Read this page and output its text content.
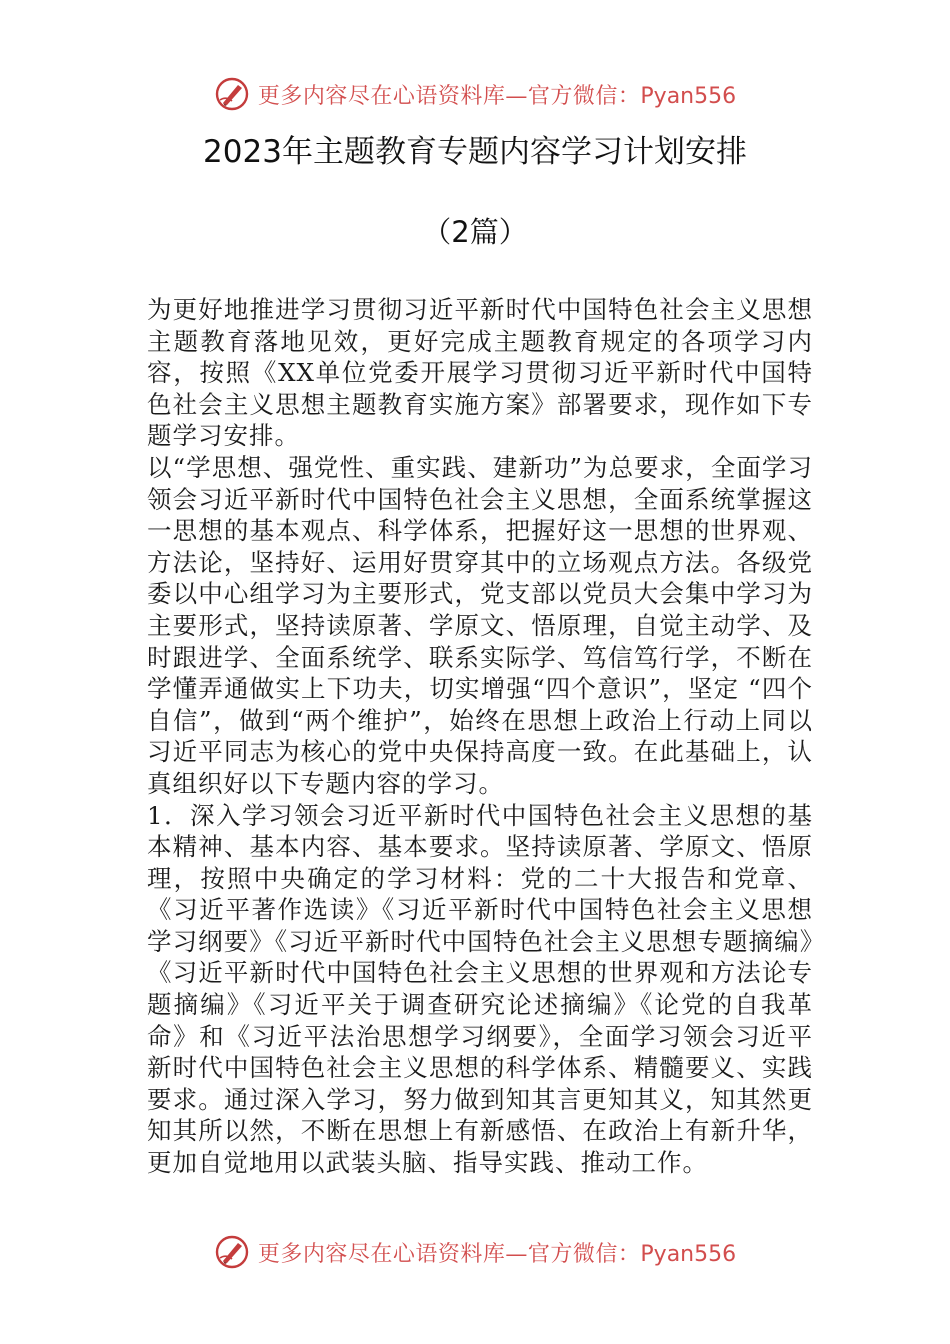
更多内容尽在心语资料库—官方微信：Pyan556
2023年主题教育专题内容学习计划安排
（2篇）

为更好地推进学习贯彻习近平新时代中国特色社会主义思想主题教育落地见效，更好完成主题教育规定的各项学习内容，按照《XX单位党委开展学习贯彻习近平新时代中国特色社会主义思想主题教育实施方案》部署要求，现作如下专题学习安排。

以“学思想、强党性、重实践、建新功”为总要求，全面学习领会习近平新时代中国特色社会主义思想，全面系统掌握这一思想的基本观点、科学体系，把握好这一思想的世界观、方法论，坚持好、运用好贯穿其中的立场观点方法。各级党委以中心组学习为主要形式，党支部以党员大会集中学习为主要形式，坚持读原著、学原文、悟原理，自觉主动学、及时跟进学、全面系统学、联系实际学、笃信笃行学，不断在学懂弄通做实上下功夫，切实增强“四个意识”，坚定 “四个自信”，做到“两个维护”，始终在思想上政治上行动上同以习近平同志为核心的党中央保持高度一致。在此基础上，认真组织好以下专题内容的学习。

1．深入学习领会习近平新时代中国特色社会主义思想的基本精神、基本内容、基本要求。坚持读原著、学原文、悟原理，按照中央确定的学习材料：党的二十大报告和党章、《习近平著作选读》《习近平新时代中国特色社会主义思想学习纲要》《习近平新时代中国特色社会主义思想专题摘编》《习近平新时代中国特色社会主义思想的世界观和方法论专题摘编》《习近平关于调查研究论述摘编》《论党的自我革命》和《习近平法治思想学习纲要》，全面学习领会习近平新时代中国特色社会主义思想的科学体系、精髓要义、实践要求。通过深入学习，努力做到知其言更知其义，知其然更知其所以然，不断在思想上有新感悟、在政治上有新升华，更加自觉地用以武装头脑、指导实践、推动工作。

更多内容尽在心语资料库—官方微信：Pyan556
